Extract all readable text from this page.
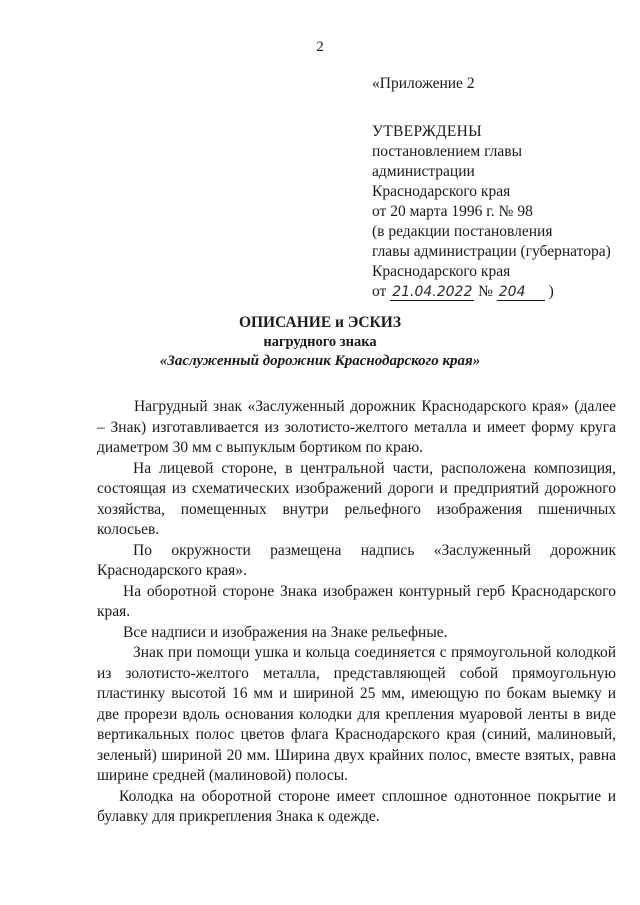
2
«Приложение 2
УТВЕРЖДЕНЫ
постановлением главы
администрации
Краснодарского края
от 20 марта 1996 г. № 98
(в редакции постановления
главы администрации (губернатора)
Краснодарского края
от 21.04.2022 № 204 )
ОПИСАНИЕ и ЭСКИЗ
нагрудного знака
«Заслуженный дорожник Краснодарского края»

Нагрудный знак «Заслуженный дорожник Краснодарского края» (далее – Знак) изготавливается из золотисто-желтого металла и имеет форму круга диаметром 30 мм с выпуклым бортиком по краю.

На лицевой стороне, в центральной части, расположена композиция, состоящая из схематических изображений дороги и предприятий дорожного хозяйства, помещенных внутри рельефного изображения пшеничных колосьев.

По окружности размещена надпись «Заслуженный дорожник Краснодарского края».

На оборотной стороне Знака изображен контурный герб Краснодарского края.

Все надписи и изображения на Знаке рельефные.

Знак при помощи ушка и кольца соединяется с прямоугольной колодкой из золотисто-желтого металла, представляющей собой прямоугольную пластинку высотой 16 мм и шириной 25 мм, имеющую по бокам выемку и две прорези вдоль основания колодки для крепления муаровой ленты в виде вертикальных полос цветов флага Краснодарского края (синий, малиновый, зеленый) шириной 20 мм. Ширина двух крайних полос, вместе взятых, равна ширине средней (малиновой) полосы.

Колодка на оборотной стороне имеет сплошное однотонное покрытие и булавку для прикрепления Знака к одежде.
